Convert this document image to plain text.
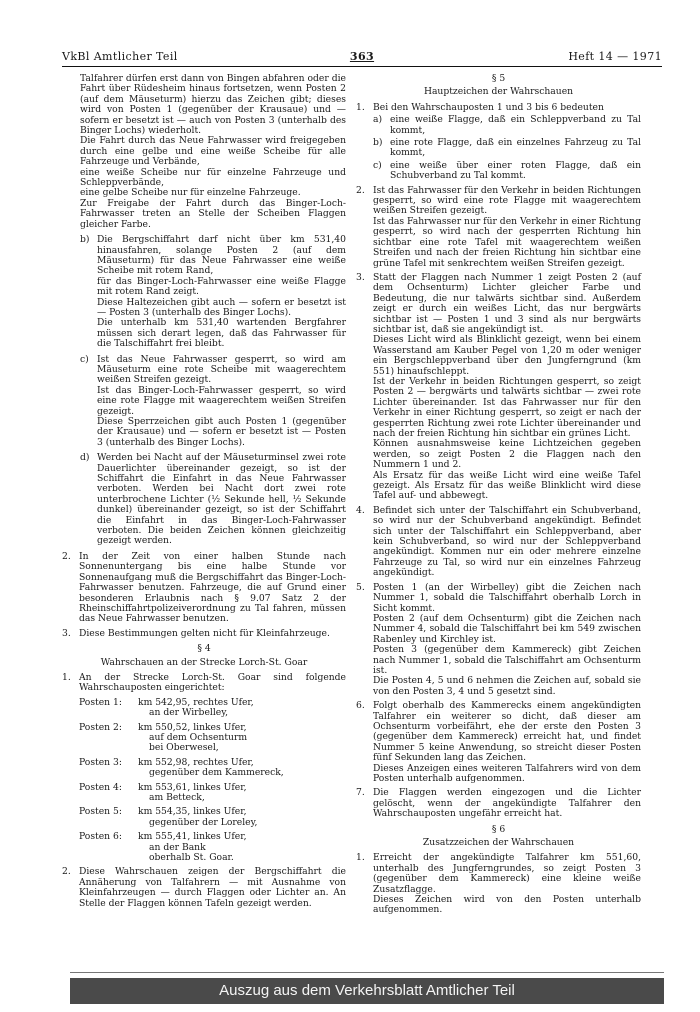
VkBl Amtlicher Teil	363	Heft 14 — 1971

Talfahrer dürfen erst dann von Bingen abfahren oder die Fahrt über Rüdesheim hinaus fortsetzen, wenn Posten 2 (auf dem Mäuseturm) hierzu das Zeichen gibt; dieses wird von Posten 1 (gegenüber der Krausaue) und — sofern er besetzt ist — auch von Posten 3 (unterhalb des Binger Lochs) wiederholt.

Die Fahrt durch das Neue Fahrwasser wird freigegeben durch eine gelbe und eine weiße Scheibe für alle Fahrzeuge und Verbände,

eine weiße Scheibe nur für einzelne Fahrzeuge und Schleppverbände,

eine gelbe Scheibe nur für einzelne Fahrzeuge.

Zur Freigabe der Fahrt durch das Binger-Loch-Fahrwasser treten an Stelle der Scheiben Flaggen gleicher Farbe.

b) Die Bergschiffahrt darf nicht über km 531,40 hinausfahren, solange Posten 2 (auf dem Mäuseturm) für das Neue Fahrwasser eine weiße Scheibe mit rotem Rand,
für das Binger-Loch-Fahrwasser eine weiße Flagge mit rotem Rand zeigt.
Diese Haltezeichen gibt auch — sofern er besetzt ist — Posten 3 (unterhalb des Binger Lochs).
Die unterhalb km 531,40 wartenden Bergfahrer müssen sich derart legen, daß das Fahrwasser für die Talschiffahrt frei bleibt.
c) Ist das Neue Fahrwasser gesperrt, so wird am Mäuseturm eine rote Scheibe mit waagerechtem weißen Streifen gezeigt.
Ist das Binger-Loch-Fahrwasser gesperrt, so wird eine rote Flagge mit waagerechtem weißen Streifen gezeigt.
Diese Sperrzeichen gibt auch Posten 1 (gegenüber der Krausaue) und — sofern er besetzt ist — Posten 3 (unterhalb des Binger Lochs).
d) Werden bei Nacht auf der Mäuseturminsel zwei rote Dauerlichter übereinander gezeigt, so ist der Schiffahrt die Einfahrt in das Neue Fahrwasser verboten. Werden bei Nacht dort zwei rote unterbrochene Lichter (½ Sekunde hell, ½ Sekunde dunkel) übereinander gezeigt, so ist der Schiffahrt die Einfahrt in das Binger-Loch-Fahrwasser verboten. Die beiden Zeichen können gleichzeitig gezeigt werden.
2. In der Zeit von einer halben Stunde nach Sonnenuntergang bis eine halbe Stunde vor Sonnenaufgang muß die Bergschiffahrt das Binger-Loch-Fahrwasser benutzen. Fahrzeuge, die auf Grund einer besonderen Erlaubnis nach § 9.07 Satz 2 der Rheinschiffahrtpolizeiverordnung zu Tal fahren, müssen das Neue Fahrwasser benutzen.
3. Diese Bestimmungen gelten nicht für Kleinfahrzeuge.
§ 4
Wahrschauen an der Strecke Lorch-St. Goar
1. An der Strecke Lorch-St. Goar sind folgende Wahrschauposten eingerichtet:
Posten 1:	km 542,95, rechtes Ufer,
an der Wirbelley,
Posten 2:	km 550,52, linkes Ufer,
auf dem Ochsenturm
bei Oberwesel,
Posten 3:	km 552,98, rechtes Ufer,
gegenüber dem Kammereck,
Posten 4:	km 553,61, linkes Ufer,
am Betteck,
Posten 5:	km 554,35, linkes Ufer,
gegenüber der Loreley,
Posten 6:	km 555,41, linkes Ufer,
an der Bank
oberhalb St. Goar.
2. Diese Wahrschauen zeigen der Bergschiffahrt die Annäherung von Talfahrern — mit Ausnahme von Kleinfahrzeugen — durch Flaggen oder Lichter an. An Stelle der Flaggen können Tafeln gezeigt werden.
§ 5
Hauptzeichen der Wahrschauen
1. Bei den Wahrschauposten 1 und 3 bis 6 bedeuten
a) eine weiße Flagge, daß ein Schleppverband zu Tal kommt,
b) eine rote Flagge, daß ein einzelnes Fahrzeug zu Tal kommt,
c) eine weiße über einer roten Flagge, daß ein Schubverband zu Tal kommt.
2. Ist das Fahrwasser für den Verkehr in beiden Richtungen gesperrt, so wird eine rote Flagge mit waagerechtem weißen Streifen gezeigt.
Ist das Fahrwasser nur für den Verkehr in einer Richtung gesperrt, so wird nach der gesperrten Richtung hin sichtbar eine rote Tafel mit waagerechtem weißen Streifen und nach der freien Richtung hin sichtbar eine grüne Tafel mit senkrechtem weißen Streifen gezeigt.
3. Statt der Flaggen nach Nummer 1 zeigt Posten 2 (auf dem Ochsenturm) Lichter gleicher Farbe und Bedeutung, die nur talwärts sichtbar sind. Außerdem zeigt er durch ein weißes Licht, das nur bergwärts sichtbar ist — Posten 1 und 3 sind als nur bergwärts sichtbar ist, daß sie angekündigt ist.
Dieses Licht wird als Blinklicht gezeigt, wenn bei einem Wasserstand am Kauber Pegel von 1,20 m oder weniger ein Bergschleppverband über den Jungferngrund (km 551) hinaufschleppt.
Ist der Verkehr in beiden Richtungen gesperrt, so zeigt Posten 2 — bergwärts und talwärts sichtbar — zwei rote Lichter übereinander. Ist das Fahrwasser nur für den Verkehr in einer Richtung gesperrt, so zeigt er nach der gesperrten Richtung zwei rote Lichter übereinander und nach der freien Richtung hin sichtbar ein grünes Licht.
Können ausnahmsweise keine Lichtzeichen gegeben werden, so zeigt Posten 2 die Flaggen nach den Nummern 1 und 2.
Als Ersatz für das weiße Licht wird eine weiße Tafel gezeigt. Als Ersatz für das weiße Blinklicht wird diese Tafel auf- und abbewegt.
4. Befindet sich unter der Talschiffahrt ein Schubverband, so wird nur der Schubverband angekündigt. Befindet sich unter der Talschiffahrt ein Schleppverband, aber kein Schubverband, so wird nur der Schleppverband angekündigt. Kommen nur ein oder mehrere einzelne Fahrzeuge zu Tal, so wird nur ein einzelnes Fahrzeug angekündigt.
5. Posten 1 (an der Wirbelley) gibt die Zeichen nach Nummer 1, sobald die Talschiffahrt oberhalb Lorch in Sicht kommt.
Posten 2 (auf dem Ochsenturm) gibt die Zeichen nach Nummer 4, sobald die Talschiffahrt bei km 549 zwischen Rabenley und Kirchley ist.
Posten 3 (gegenüber dem Kammereck) gibt Zeichen nach Nummer 1, sobald die Talschiffahrt am Ochsenturm ist.
Die Posten 4, 5 und 6 nehmen die Zeichen auf, sobald sie von den Posten 3, 4 und 5 gesetzt sind.
6. Folgt oberhalb des Kammerecks einem angekündigten Talfahrer ein weiterer so dicht, daß dieser am Ochsenturm vorbeifährt, ehe der erste den Posten 3 (gegenüber dem Kammereck) erreicht hat, und findet Nummer 5 keine Anwendung, so streicht dieser Posten fünf Sekunden lang das Zeichen.
Dieses Anzeigen eines weiteren Talfahrers wird von dem Posten unterhalb aufgenommen.
7. Die Flaggen werden eingezogen und die Lichter gelöscht, wenn der angekündigte Talfahrer den Wahrschauposten ungefähr erreicht hat.
§ 6
Zusatzzeichen der Wahrschauen
1. Erreicht der angekündigte Talfahrer km 551,60, unterhalb des Jungferngrundes, so zeigt Posten 3 (gegenüber dem Kammereck) eine kleine weiße Zusatzflagge.
Dieses Zeichen wird von den Posten unterhalb aufgenommen.
Auszug aus dem Verkehrsblatt Amtlicher Teil
